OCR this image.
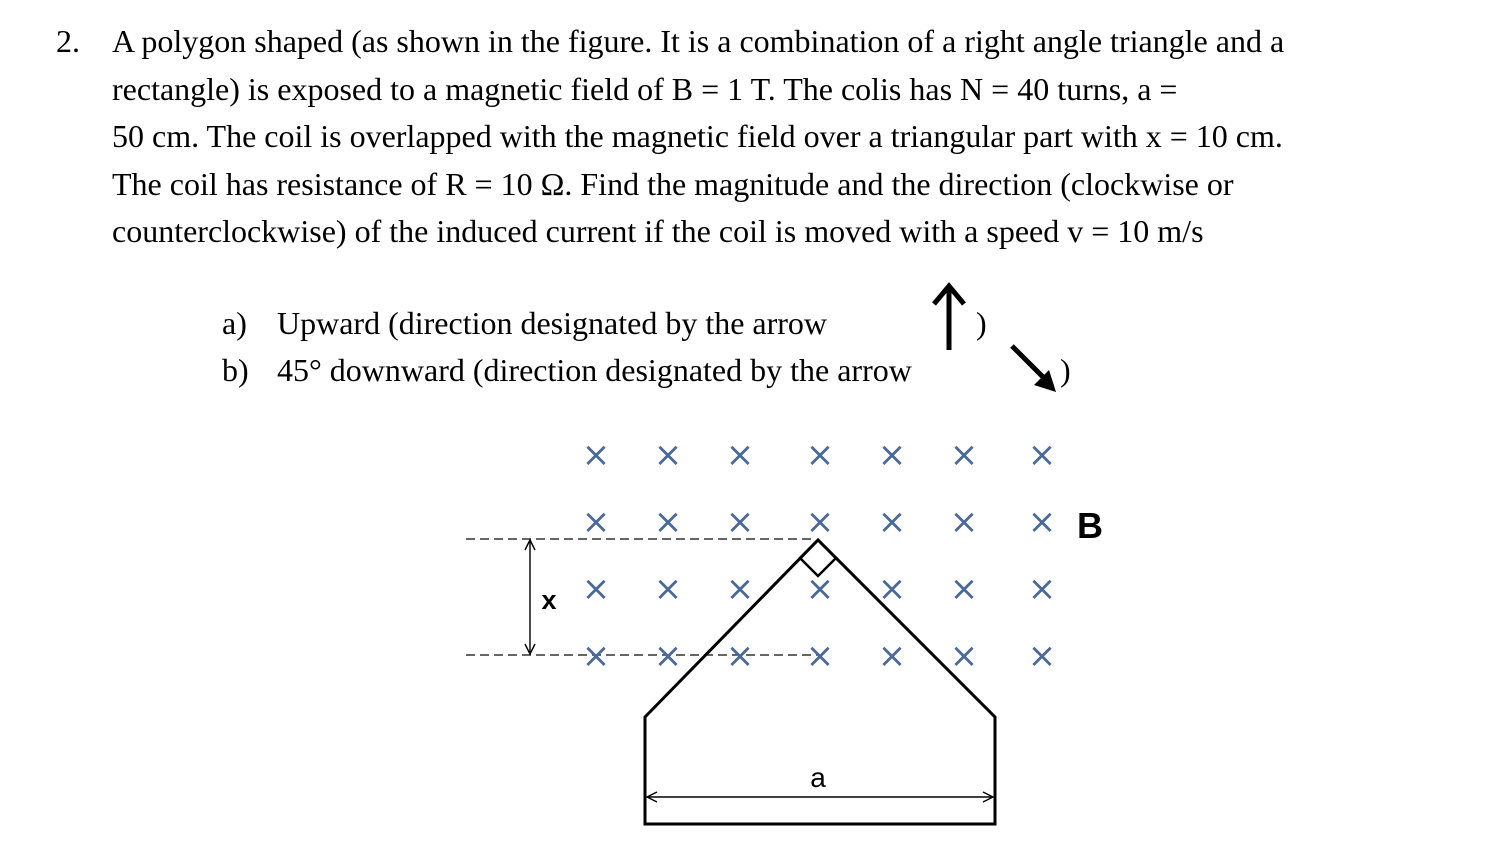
2. A polygon shaped (as shown in the figure. It is a combination of a right angle triangle and a
rectangle) is exposed to a magnetic field of B = 1 T. The colis has N = 40 turns, a =
50 cm. The coil is overlapped with the magnetic field over a triangular part with x = 10 cm.
The coil has resistance of R = 10 Ω. Find the magnitude and the direction (clockwise or
counterclockwise) of the induced current if the coil is moved with a speed v = 10 m/s
a) Upward (direction designated by the arrow	)
b) 45° downward (direction designated by the arrow	)
x
× × × × × × ×
× × × × × × ×
× × × × × × ×
× × × × × × ×
B
a
